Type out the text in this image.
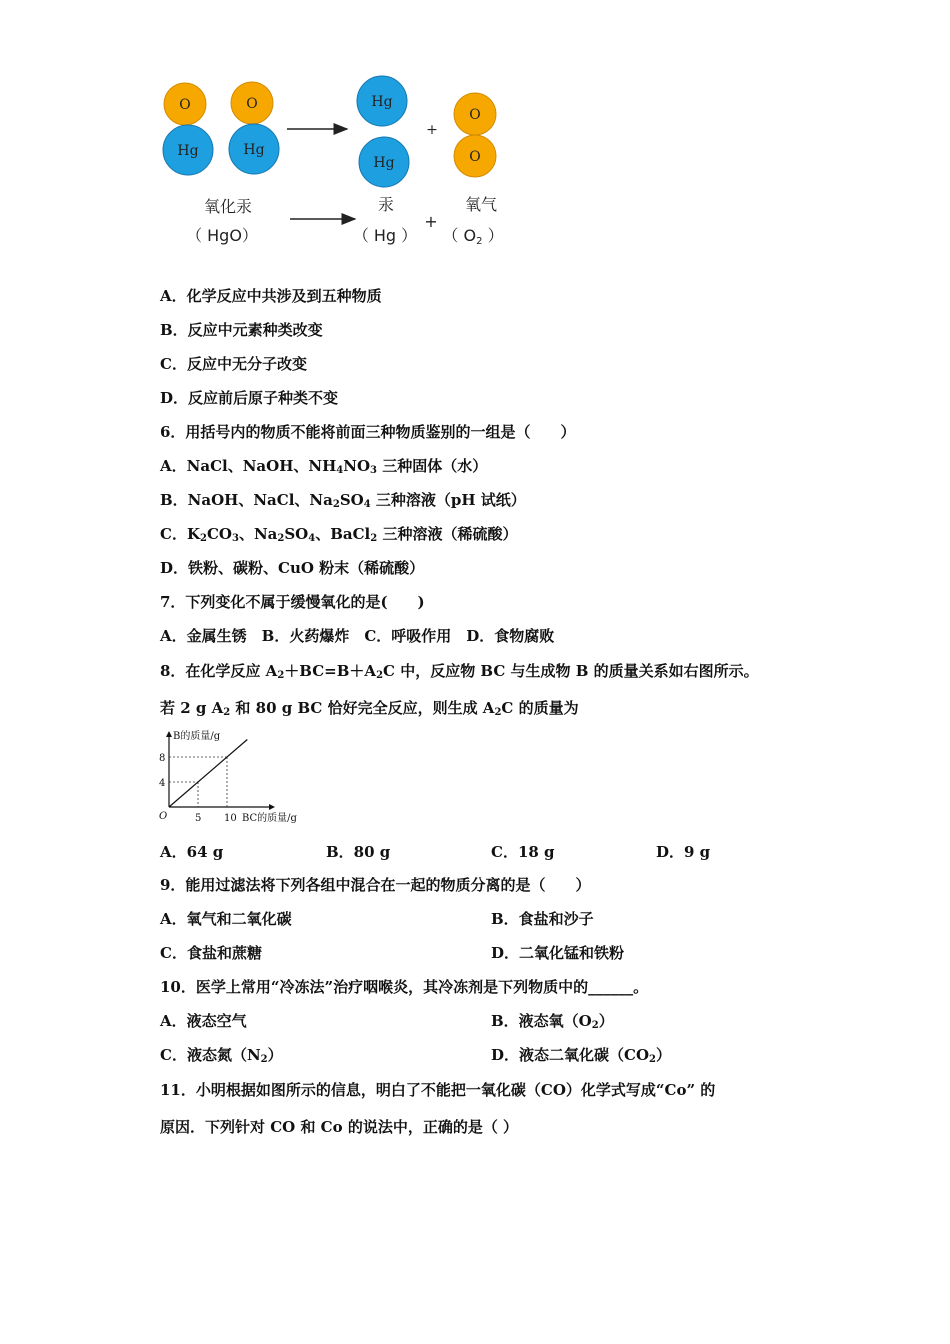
O
Hg
O
Hg
Hg
Hg
+
O
O
氧化汞
（ HgO）
汞
（ Hg ）
+
氧气
（ O2 ）
A．化学反应中共涉及到五种物质
B．反应中元素种类改变
C．反应中无分子改变
D．反应前后原子种类不变
6．用括号内的物质不能将前面三种物质鉴别的一组是（　　）
A．NaCl、NaOH、$NH_4NO_3$ 三种固体（水）
B．NaOH、NaCl、$Na_2SO_4$ 三种溶液（pH 试纸）
C．$K_2CO_3$、$Na_2SO_4$、BaCl$_2$ 三种溶液（稀硫酸）
D．铁粉、碳粉、CuO 粉末（稀硫酸）
7．下列变化不属于缓慢氧化的是(　　)
A．金属生锈　B．火药爆炸　C．呼吸作用　D．食物腐败
8．在化学反应 $A_2+BC=B+A_2C$ 中，反应物 BC 与生成物 B 的质量关系如右图所示。
若 2 g $A_2$ 和 80 g BC 恰好完全反应，则生成 $A_2C$ 的质量为
B的质量/g
BC的质量/g
O	5 10
4
8
A．64 g	B．80 g	C．18 g	D．9 g
9．能用过滤法将下列各组中混合在一起的物质分离的是（　　）
A．氧气和二氧化碳	B．食盐和沙子
C．食盐和蔗糖	D．二氧化锰和铁粉
10．医学上常用“冷冻法”治疗咽喉炎，其冷冻剂是下列物质中的______。
A．液态空气	B．液态氧$(O_2)$
C．液态氮$(N_2)$	D．液态二氧化碳$(CO_2)$
11．小明根据如图所示的信息，明白了不能把一氧化碳（CO）化学式写成“Co” 的
原因．下列针对 CO 和 Co 的说法中，正确的是（ ）
